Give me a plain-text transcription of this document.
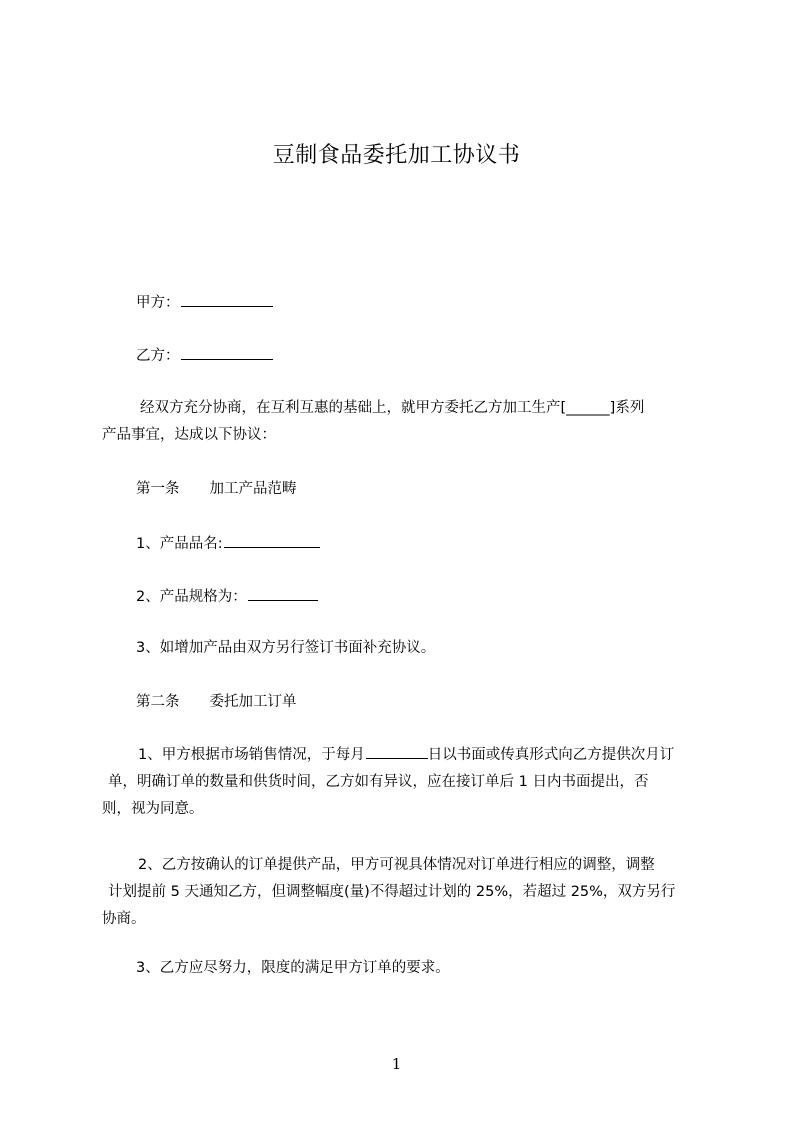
豆制食品委托加工协议书
甲方：
乙方：
经双方充分协商，在互利互惠的基础上，就甲方委托乙方加工生产[______]系列
产品事宜，达成以下协议：
第一条 加工产品范畴
1、产品品名:
2、产品规格为：
3、如增加产品由双方另行签订书面补充协议。
第二条 委托加工订单
1、甲方根据市场销售情况，于每月	日以书面或传真形式向乙方提供次月订
单，明确订单的数量和供货时间，乙方如有异议，应在接订单后 1 日内书面提出，否
则，视为同意。
2、乙方按确认的订单提供产品，甲方可视具体情况对订单进行相应的调整，调整
计划提前 5 天通知乙方，但调整幅度(量)不得超过计划的 25%，若超过 25%，双方另行
协商。
3、乙方应尽努力，限度的满足甲方订单的要求。
1
